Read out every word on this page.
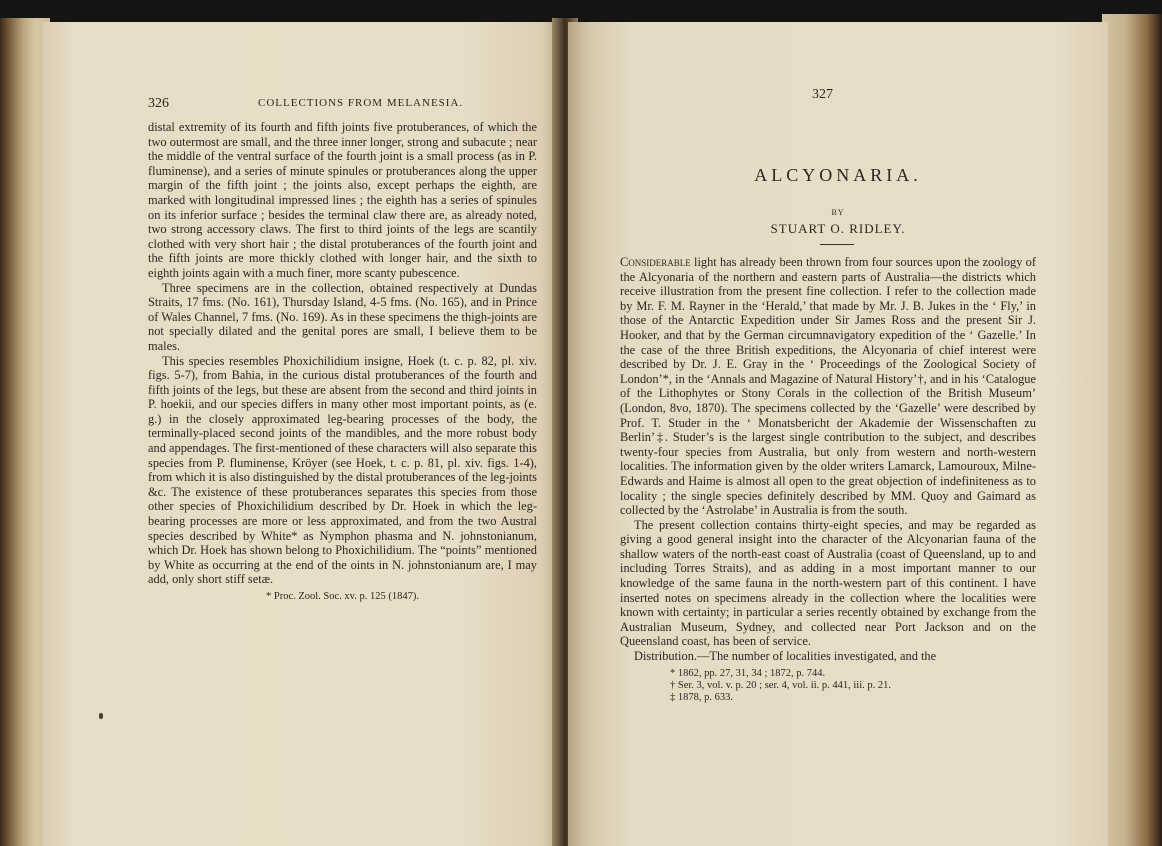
326	COLLECTIONS FROM MELANESIA.

distal extremity of its fourth and fifth joints five protuberances, of which the two outermost are small, and the three inner longer, strong and subacute ; near the middle of the ventral surface of the fourth joint is a small process (as in P. fluminense), and a series of minute spinules or protuberances along the upper margin of the fifth joint ; the joints also, except perhaps the eighth, are marked with longitudinal impressed lines ; the eighth has a series of spinules on its inferior surface ; besides the terminal claw there are, as already noted, two strong accessory claws. The first to third joints of the legs are scantily clothed with very short hair ; the distal protuberances of the fourth joint and the fifth joints are more thickly clothed with longer hair, and the sixth to eighth joints again with a much finer, more scanty pubescence.

Three specimens are in the collection, obtained respectively at Dundas Straits, 17 fms. (No. 161), Thursday Island, 4-5 fms. (No. 165), and in Prince of Wales Channel, 7 fms. (No. 169). As in these specimens the thigh-joints are not specially dilated and the genital pores are small, I believe them to be males.

This species resembles Phoxichilidium insigne, Hoek (t. c. p. 82, pl. xiv. figs. 5-7), from Bahia, in the curious distal protuberances of the fourth and fifth joints of the legs, but these are absent from the second and third joints in P. hoekii, and our species differs in many other most important points, as (e. g.) in the closely approximated leg-bearing processes of the body, the terminally-placed second joints of the mandibles, and the more robust body and appendages. The first-mentioned of these characters will also separate this species from P. fluminense, Kröyer (see Hoek, t. c. p. 81, pl. xiv. figs. 1-4), from which it is also distinguished by the distal protuberances of the leg-joints &c. The existence of these protuberances separates this species from those other species of Phoxichilidium described by Dr. Hoek in which the leg-bearing processes are more or less approximated, and from the two Austral species described by White* as Nymphon phasma and N. johnstonianum, which Dr. Hoek has shown belong to Phoxichilidium. The “points” mentioned by White as occurring at the end of the oints in N. johnstonianum are, I may add, only short stiff setæ.

* Proc. Zool. Soc. xv. p. 125 (1847).

327
ALCYONARIA.
BY
STUART O. RIDLEY.

Considerable light has already been thrown from four sources upon the zoology of the Alcyonaria of the northern and eastern parts of Australia—the districts which receive illustration from the present fine collection. I refer to the collection made by Mr. F. M. Rayner in the ‘Herald,’ that made by Mr. J. B. Jukes in the ‘ Fly,’ in those of the Antarctic Expedition under Sir James Ross and the present Sir J. Hooker, and that by the German circumnavigatory expedition of the ‘ Gazelle.’ In the case of the three British expeditions, the Alcyonaria of chief interest were described by Dr. J. E. Gray in the ‘ Proceedings of the Zoological Society of London’*, in the ‘Annals and Magazine of Natural History’†, and in his ‘Catalogue of the Lithophytes or Stony Corals in the collection of the British Museum’ (London, 8vo, 1870). The specimens collected by the ‘Gazelle’ were described by Prof. T. Studer in the ‘ Monatsbericht der Akademie der Wissenschaften zu Berlin’‡. Studer’s is the largest single contribution to the subject, and describes twenty-four species from Australia, but only from western and north-western localities. The information given by the older writers Lamarck, Lamouroux, Milne-Edwards and Haime is almost all open to the great objection of indefiniteness as to locality ; the single species definitely described by MM. Quoy and Gaimard as collected by the ‘Astrolabe’ in Australia is from the south.

The present collection contains thirty-eight species, and may be regarded as giving a good general insight into the character of the Alcyonarian fauna of the shallow waters of the north-east coast of Australia (coast of Queensland, up to and including Torres Straits), and as adding in a most important manner to our knowledge of the same fauna in the north-western part of this continent. I have inserted notes on specimens already in the collection where the localities were known with certainty; in particular a series recently obtained by exchange from the Australian Museum, Sydney, and collected near Port Jackson and on the Queensland coast, has been of service.

Distribution.—The number of localities investigated, and the

* 1862, pp. 27, 31, 34 ; 1872, p. 744.
† Ser. 3, vol. v. p. 20 ; ser. 4, vol. ii. p. 441, iii. p. 21.
‡ 1878, p. 633.
